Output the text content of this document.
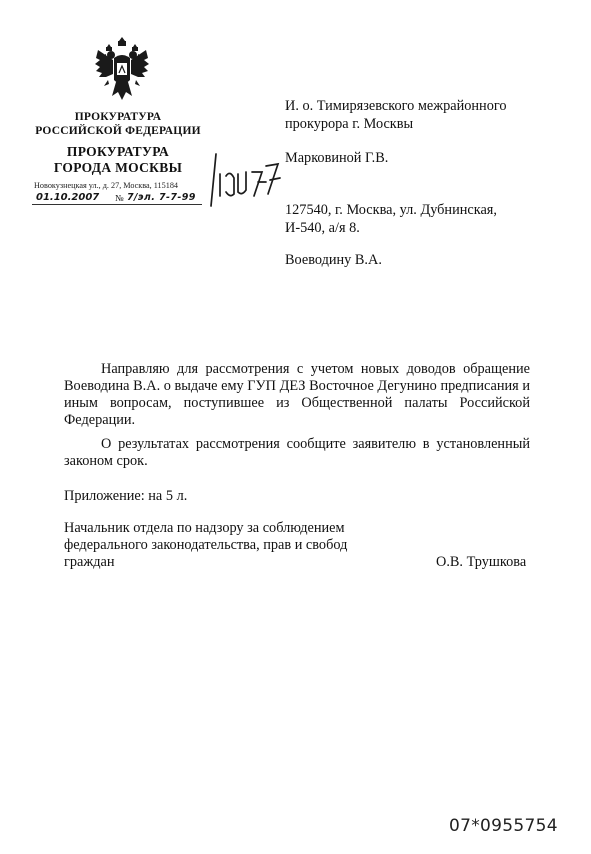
ПРОКУРАТУРА
РОССИЙСКОЙ ФЕДЕРАЦИИ
ПРОКУРАТУРА
ГОРОДА МОСКВЫ
Новокузнецкая ул., д. 27, Москва, 115184
01.10.2007 № 7/эл. 7-7-99
И. о. Тимирязевского межрайонного
прокурора г. Москвы
Марковиной Г.В.
127540, г. Москва, ул. Дубнинская,
И-540, а/я 8.
Воеводину В.А.
Направляю для рассмотрения с учетом новых доводов обращение Воеводина В.А. о выдаче ему ГУП ДЕЗ Восточное Дегунино предписания и иным вопросам, поступившее из Общественной палаты Российской Федерации.
О результатах рассмотрения сообщите заявителю в установленный законом срок.
Приложение: на 5 л.
Начальник отдела по надзору за соблюдением
федерального законодательства, прав и свобод
граждан	О.В. Трушкова
07*0955754
